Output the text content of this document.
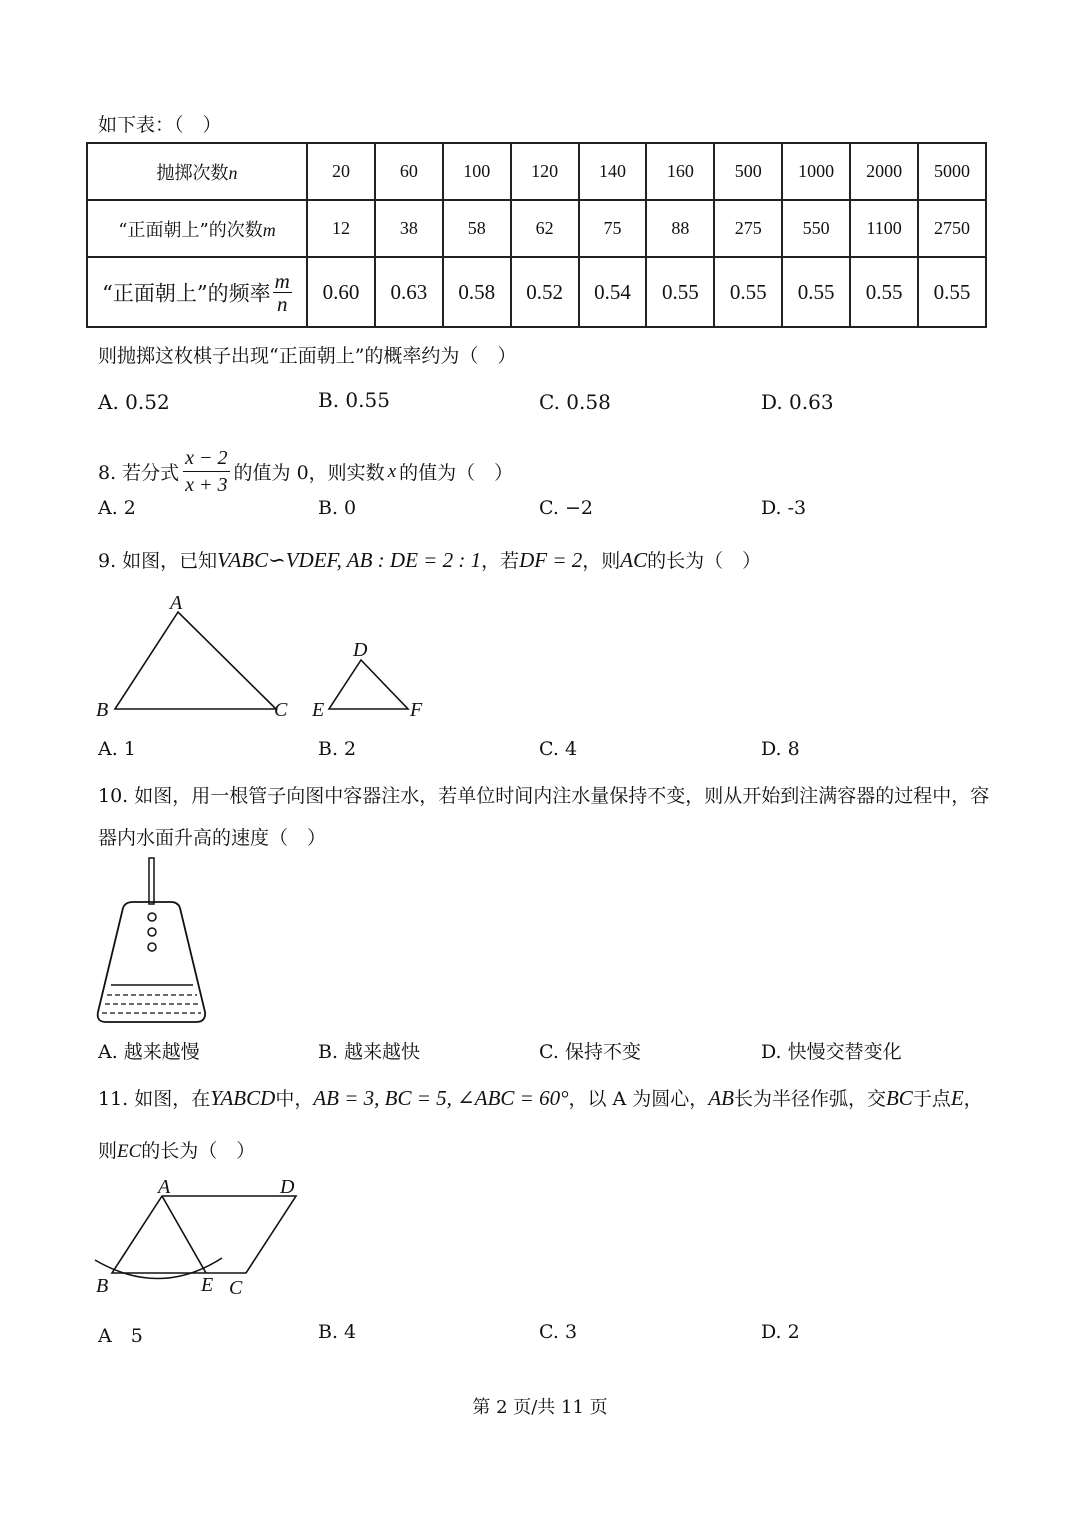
如下表：（　）
抛掷次数n	20	60	100	120	140	160	500	1000	2000	5000
“正面朝上”的次数m	12	38	58	62	75	88	275	550	1100	2750
“正面朝上”的频率 $\frac{m}{n}$	0.60	0.63	0.58	0.52	0.54	0.55	0.55	0.55	0.55	0.55
则抛掷这枚棋子出现“正面朝上”的概率约为（　）
A. 0.52	B. 0.55	C. 0.58	D. 0.63
8. 若分式 $\frac{x - 2}{x + 3}$ 的值为 0，则实数 x 的值为（　）
A. 2	B. 0	C. −2	D. -3
9. 如图，已知VABC∽VDEF, AB : DE = 2 : 1，若DF = 2，则AC的长为（　）
A
B	C
D
E	F
A. 1	B. 2	C. 4	D. 8
10. 如图，用一根管子向图中容器注水，若单位时间内注水量保持不变，则从开始到注满容器的过程中，容
器内水面升高的速度（　）
A. 越来越慢	B. 越来越快	C. 保持不变	D. 快慢交替变化
11. 如图，在YABCD中，AB = 3, BC = 5, ∠ABC = 60°，以 A 为圆心，AB长为半径作弧，交BC于点E，
则EC的长为（　）
A	D
B	E C
A　5	B. 4	C. 3	D. 2
第 2 页/共 11 页
